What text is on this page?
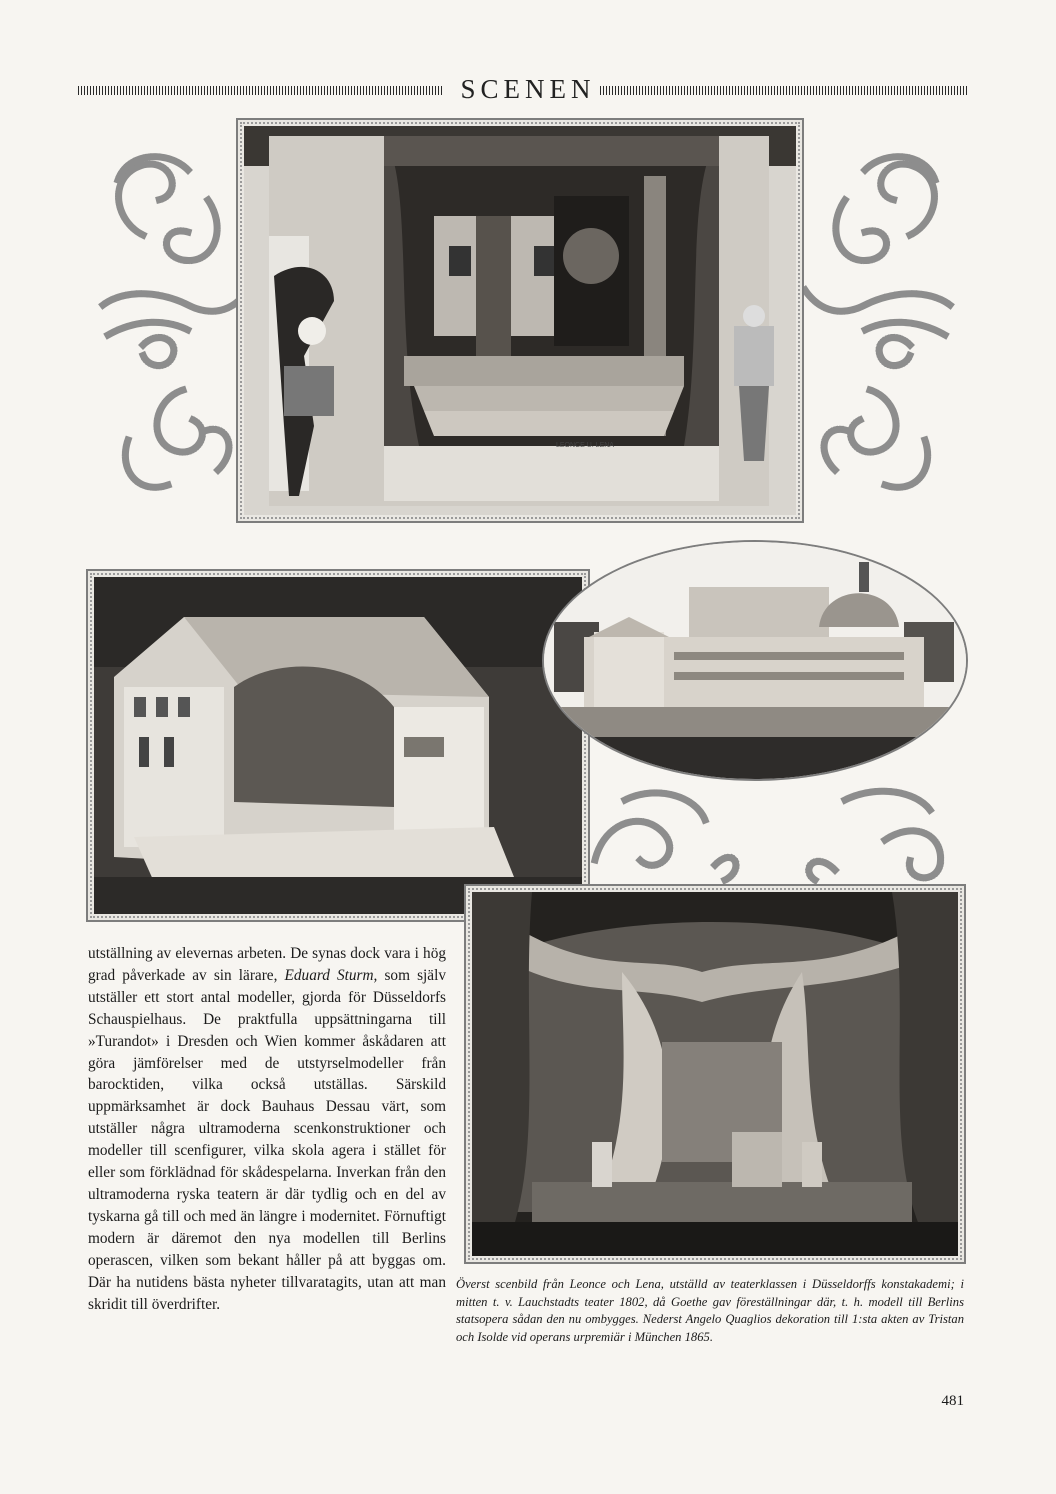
SCENEN
LEONCE U. LENA

utställning av elevernas arbeten. De synas dock vara i hög grad påverkade av sin lärare, Eduard Sturm, som själv utställer ett stort antal modeller, gjorda för Düsseldorfs Schauspielhaus. De praktfulla uppsättningarna till »Turandot» i Dresden och Wien kommer åskådaren att göra jämförelser med de utstyrselmodeller från barocktiden, vilka också utställas. Särskild uppmärksamhet är dock Bauhaus Dessau värt, som utställer några ultramoderna scenkonstruktioner och modeller till scenfigurer, vilka skola agera i stället för eller som förklädnad för skådespelarna. Inverkan från den ultramoderna ryska teatern är där tydlig och en del av tyskarna gå till och med än längre i modernitet. Förnuftigt modern är däremot den nya modellen till Berlins operascen, vilken som bekant håller på att byggas om. Där ha nutidens bästa nyheter tillvaratagits, utan att man skridit till överdrifter.

Överst scenbild från Leonce och Lena, utställd av teaterklassen i Düsseldorffs konstakademi; i mitten t. v. Lauchstadts teater 1802, då Goethe gav föreställningar där, t. h. modell till Berlins statsopera sådan den nu ombygges. Nederst Angelo Quaglios dekoration till 1:sta akten av Tristan och Isolde vid operans urpremiär i München 1865.
481
